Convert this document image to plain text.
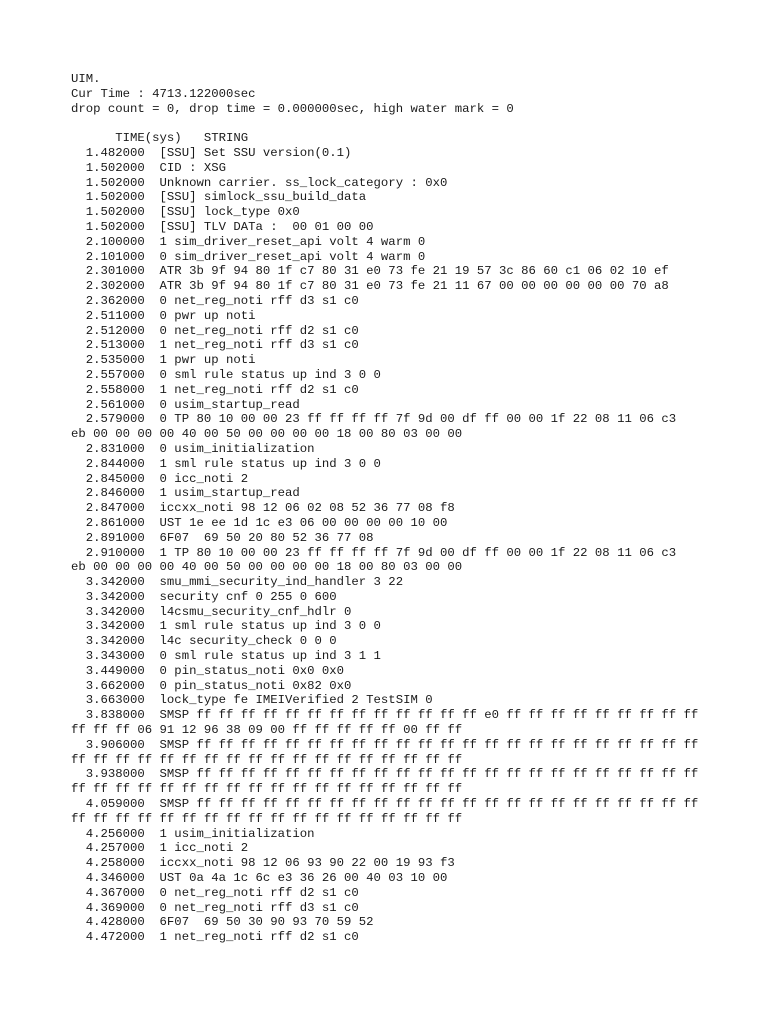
UIM.
Cur Time : 4713.122000sec
drop count = 0, drop time = 0.000000sec, high water mark = 0

TIME(sys)   STRING
1.482000  [SSU] Set SSU version(0.1)
1.502000  CID : XSG
1.502000  Unknown carrier. ss_lock_category : 0x0
1.502000  [SSU] simlock_ssu_build_data
1.502000  [SSU] lock_type 0x0
1.502000  [SSU] TLV DATa :  00 01 00 00
2.100000  1 sim_driver_reset_api volt 4 warm 0
2.101000  0 sim_driver_reset_api volt 4 warm 0
2.301000  ATR 3b 9f 94 80 1f c7 80 31 e0 73 fe 21 19 57 3c 86 60 c1 06 02 10 ef
2.302000  ATR 3b 9f 94 80 1f c7 80 31 e0 73 fe 21 11 67 00 00 00 00 00 00 70 a8
2.362000  0 net_reg_noti rff d3 s1 c0
2.511000  0 pwr up noti
2.512000  0 net_reg_noti rff d2 s1 c0
2.513000  1 net_reg_noti rff d3 s1 c0
2.535000  1 pwr up noti
2.557000  0 sml rule status up ind 3 0 0
2.558000  1 net_reg_noti rff d2 s1 c0
2.561000  0 usim_startup_read
2.579000  0 TP 80 10 00 00 23 ff ff ff ff 7f 9d 00 df ff 00 00 1f 22 08 11 06 c3
eb 00 00 00 00 40 00 50 00 00 00 00 18 00 80 03 00 00
2.831000  0 usim_initialization
2.844000  1 sml rule status up ind 3 0 0
2.845000  0 icc_noti 2
2.846000  1 usim_startup_read
2.847000  iccxx_noti 98 12 06 02 08 52 36 77 08 f8
2.861000  UST 1e ee 1d 1c e3 06 00 00 00 00 10 00
2.891000  6F07  69 50 20 80 52 36 77 08
2.910000  1 TP 80 10 00 00 23 ff ff ff ff 7f 9d 00 df ff 00 00 1f 22 08 11 06 c3
eb 00 00 00 00 40 00 50 00 00 00 00 18 00 80 03 00 00
3.342000  smu_mmi_security_ind_handler 3 22
3.342000  security cnf 0 255 0 600
3.342000  l4csmu_security_cnf_hdlr 0
3.342000  1 sml rule status up ind 3 0 0
3.342000  l4c security_check 0 0 0
3.343000  0 sml rule status up ind 3 1 1
3.449000  0 pin_status_noti 0x0 0x0
3.662000  0 pin_status_noti 0x82 0x0
3.663000  lock_type fe IMEIVerified 2 TestSIM 0
3.838000  SMSP ff ff ff ff ff ff ff ff ff ff ff ff ff e0 ff ff ff ff ff ff ff ff ff
ff ff ff 06 91 12 96 38 09 00 ff ff ff ff ff 00 ff ff
3.906000  SMSP ff ff ff ff ff ff ff ff ff ff ff ff ff ff ff ff ff ff ff ff ff ff ff
ff ff ff ff ff ff ff ff ff ff ff ff ff ff ff ff ff ff
3.938000  SMSP ff ff ff ff ff ff ff ff ff ff ff ff ff ff ff ff ff ff ff ff ff ff ff
ff ff ff ff ff ff ff ff ff ff ff ff ff ff ff ff ff ff
4.059000  SMSP ff ff ff ff ff ff ff ff ff ff ff ff ff ff ff ff ff ff ff ff ff ff ff
ff ff ff ff ff ff ff ff ff ff ff ff ff ff ff ff ff ff
4.256000  1 usim_initialization
4.257000  1 icc_noti 2
4.258000  iccxx_noti 98 12 06 93 90 22 00 19 93 f3
4.346000  UST 0a 4a 1c 6c e3 36 26 00 40 03 10 00
4.367000  0 net_reg_noti rff d2 s1 c0
4.369000  0 net_reg_noti rff d3 s1 c0
4.428000  6F07  69 50 30 90 93 70 59 52
4.472000  1 net_reg_noti rff d2 s1 c0
